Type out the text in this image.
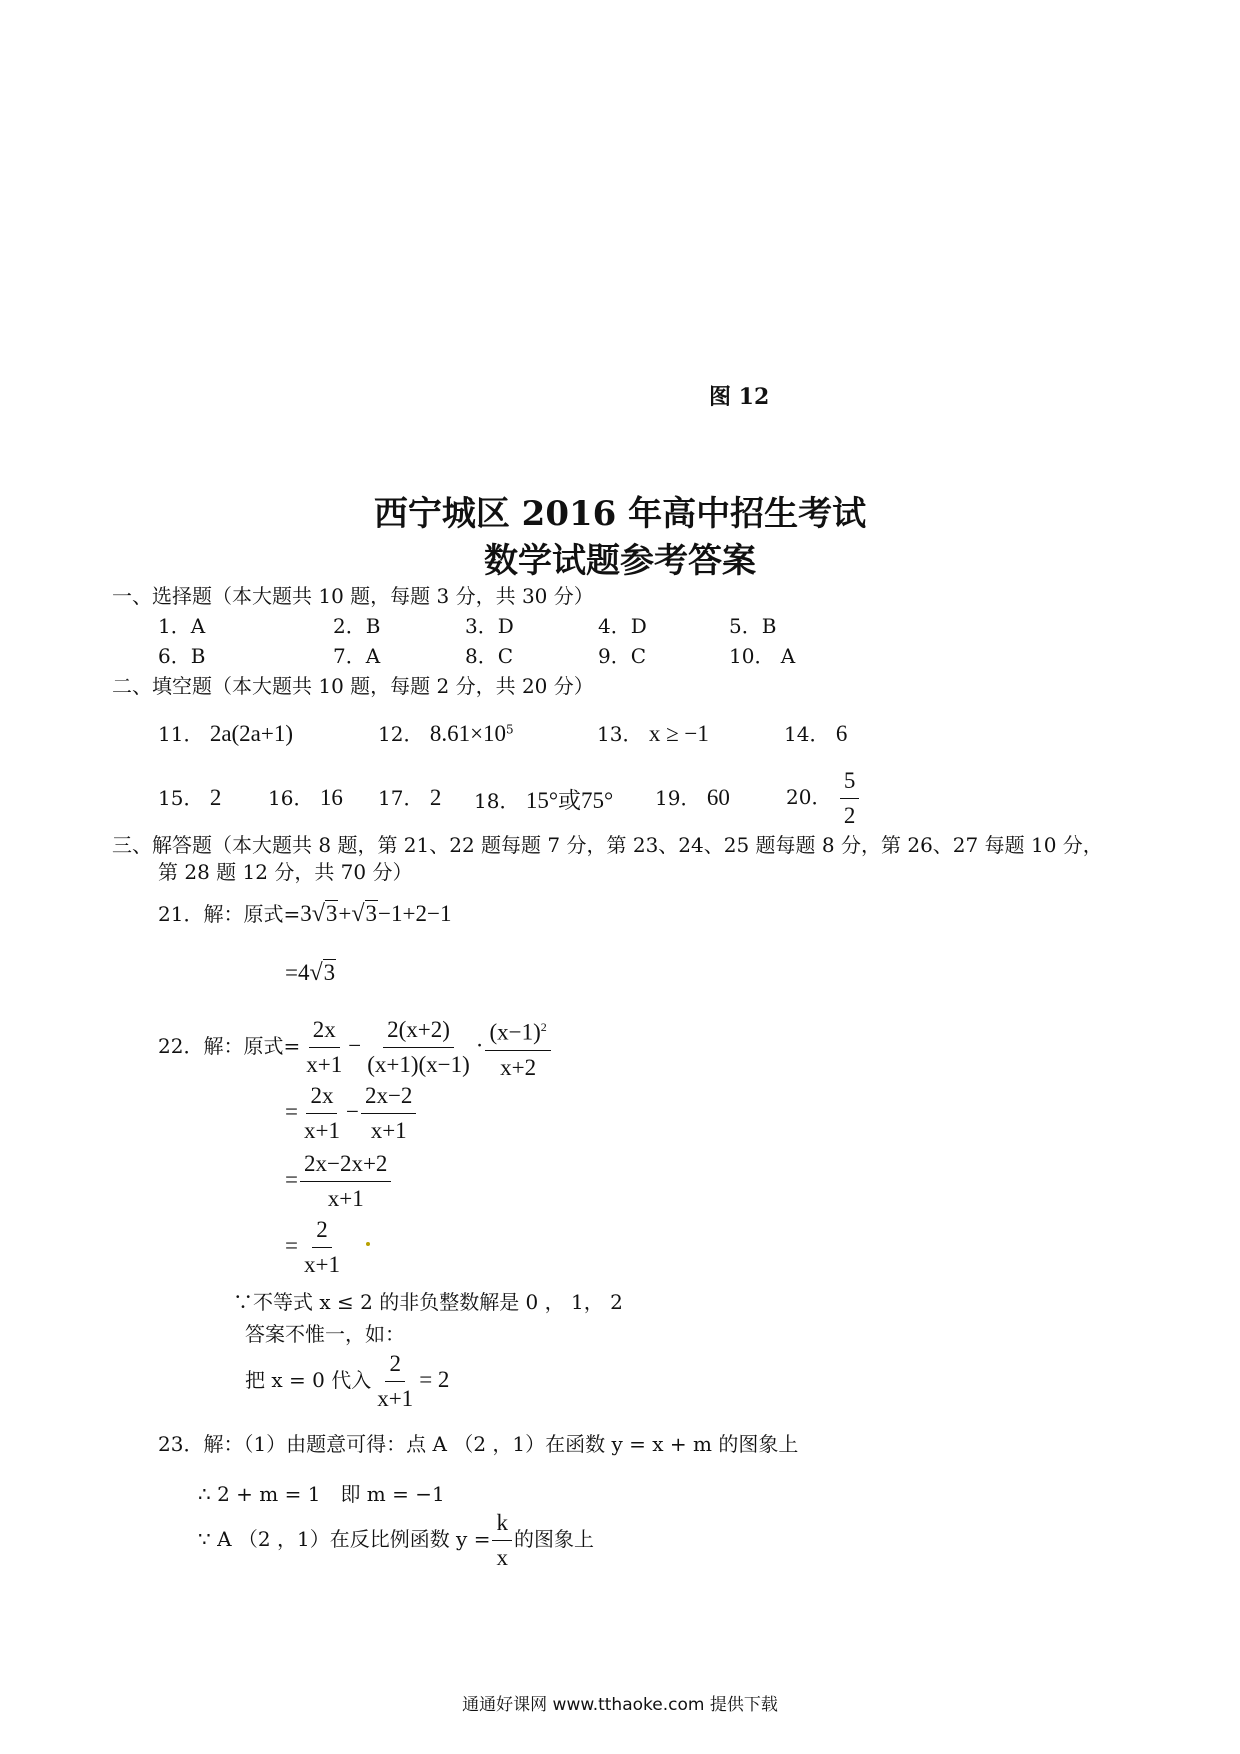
图 12
西宁城区 2016 年高中招生考试
数学试题参考答案
一、选择题（本大题共 10 题，每题 3 分，共 30 分）
1．A	2．B	3．D	4．D	5．B
6．B	7．A	8．C	9．C	10． A
二、填空题（本大题共 10 题，每题 2 分，共 20 分）
11． 2a(2a+1)	12． $8.61\times 10^5$	13． x ≥ −1	14． 6
15． 2 16． 16 17． 2 18． 15°或75° 19． 60	20． $\frac{5}{2}$
三、解答题（本大题共 8 题，第 21、22 题每题 7 分，第 23、24、25 题每题 8 分，第 26、27 每题 10 分，
第 28 题 12 分，共 70 分）
21．解：原式=3√3+√3−1+2−1
=4√3
22．解：原式= $\frac{2x}{x+1} - \frac{2(x+2)}{(x+1)(x-1)} \cdot \frac{(x-1)^2}{x+2}$
= $\frac{2x}{x+1} - \frac{2x-2}{x+1}$
= $\frac{2x-2x+2}{x+1}$
= $\frac{2}{x+1}$
∵不等式 x ≤ 2 的非负整数解是 0 ， 1， 2
答案不惟一，如：
把 x = 0 代入 $\frac{2}{x+1} = 2$
23．解：（1）由题意可得：点 A （2 ，1）在函数 y = x + m 的图象上
∴ 2 + m = 1　即 m = −1
∵ A （2 ，1）在反比例函数 $y = \frac{k}{x}$ 的图象上
通通好课网 www.tthaoke.com 提供下载
